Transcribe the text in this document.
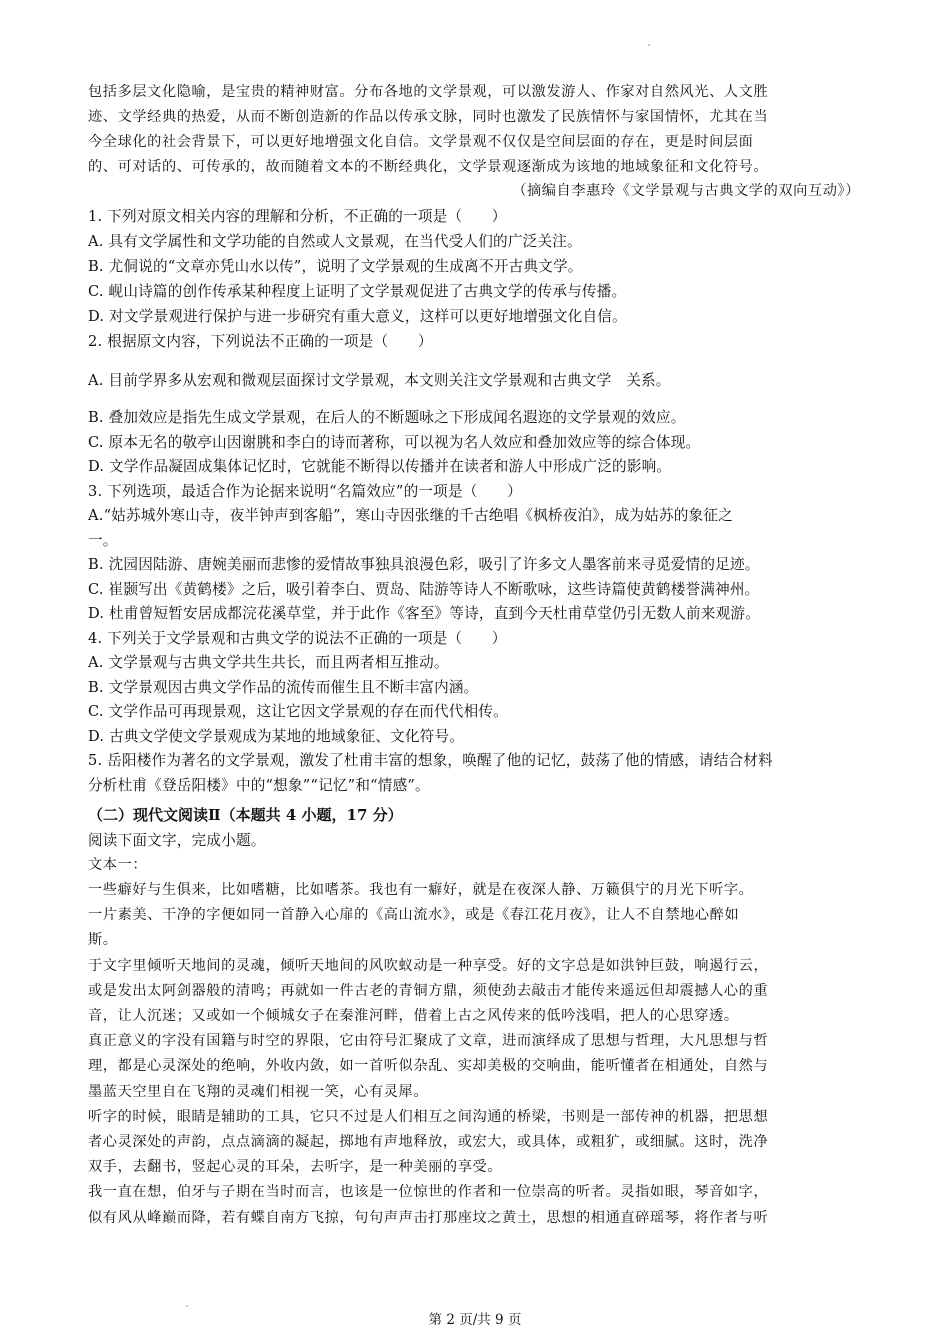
包括多层文化隐喻，是宝贵的精神财富。分布各地的文学景观，可以激发游人、作家对自然风光、人文胜
迹、文学经典的热爱，从而不断创造新的作品以传承文脉，同时也激发了民族情怀与家国情怀，尤其在当
今全球化的社会背景下，可以更好地增强文化自信。文学景观不仅仅是空间层面的存在，更是时间层面
的、可对话的、可传承的，故而随着文本的不断经典化，文学景观逐渐成为该地的地域象征和文化符号。
（摘编自李惠玲《文学景观与古典文学的双向互动》）
1. 下列对原文相关内容的理解和分析，不正确的一项是（　　）
A. 具有文学属性和文学功能的自然或人文景观，在当代受人们的广泛关注。
B. 尤侗说的“文章亦凭山水以传”，说明了文学景观的生成离不开古典文学。
C. 岘山诗篇的创作传承某种程度上证明了文学景观促进了古典文学的传承与传播。
D. 对文学景观进行保护与进一步研究有重大意义，这样可以更好地增强文化自信。
2. 根据原文内容，下列说法不正确的一项是（　　）
A. 目前学界多从宏观和微观层面探讨文学景观，本文则关注文学景观和古典文学　关系。
B. 叠加效应是指先生成文学景观，在后人的不断题咏之下形成闻名遐迩的文学景观的效应。
C. 原本无名的敬亭山因谢朓和李白的诗而著称，可以视为名人效应和叠加效应等的综合体现。
D. 文学作品凝固成集体记忆时，它就能不断得以传播并在读者和游人中形成广泛的影响。
3. 下列选项，最适合作为论据来说明“名篇效应”的一项是（　　）
A.“姑苏城外寒山寺，夜半钟声到客船”，寒山寺因张继的千古绝唱《枫桥夜泊》，成为姑苏的象征之
一。
B. 沈园因陆游、唐婉美丽而悲惨的爱情故事独具浪漫色彩，吸引了许多文人墨客前来寻觅爱情的足迹。
C. 崔颢写出《黄鹤楼》之后，吸引着李白、贾岛、陆游等诗人不断歌咏，这些诗篇使黄鹤楼誉满神州。
D. 杜甫曾短暂安居成都浣花溪草堂，并于此作《客至》等诗，直到今天杜甫草堂仍引无数人前来观游。
4. 下列关于文学景观和古典文学的说法不正确的一项是（　　）
A. 文学景观与古典文学共生共长，而且两者相互推动。
B. 文学景观因古典文学作品的流传而催生且不断丰富内涵。
C. 文学作品可再现景观，这让它因文学景观的存在而代代相传。
D. 古典文学使文学景观成为某地的地域象征、文化符号。
5. 岳阳楼作为著名的文学景观，激发了杜甫丰富的想象，唤醒了他的记忆，鼓荡了他的情感，请结合材料
分析杜甫《登岳阳楼》中的“想象”“记忆”和“情感”。
（二）现代文阅读Ⅱ（本题共 4 小题，17 分）
阅读下面文字，完成小题。
文本一：
一些癖好与生俱来，比如嗜糖，比如嗜茶。我也有一癖好，就是在夜深人静、万籁俱宁的月光下听字。
一片素美、干净的字便如同一首静入心扉的《高山流水》，或是《春江花月夜》，让人不自禁地心醉如
斯。
于文字里倾听天地间的灵魂，倾听天地间的风吹蚁动是一种享受。好的文字总是如洪钟巨鼓，响遏行云，
或是发出太阿剑器般的清鸣；再就如一件古老的青铜方鼎，须使劲去敲击才能传来遥远但却震撼人心的重
音，让人沉迷；又或如一个倾城女子在秦淮河畔，借着上古之风传来的低吟浅唱，把人的心思穿透。
真正意义的字没有国籍与时空的界限，它由符号汇聚成了文章，进而演绎成了思想与哲理，大凡思想与哲
理，都是心灵深处的绝响，外收内敛，如一首听似杂乱、实却美极的交响曲，能听懂者在相通处，自然与
墨蓝天空里自在飞翔的灵魂们相视一笑，心有灵犀。
听字的时候，眼睛是辅助的工具，它只不过是人们相互之间沟通的桥梁，书则是一部传神的机器，把思想
者心灵深处的声韵，点点滴滴的凝起，掷地有声地释放，或宏大，或具体，或粗犷，或细腻。这时，洗净
双手，去翻书，竖起心灵的耳朵，去听字，是一种美丽的享受。
我一直在想，伯牙与子期在当时而言，也该是一位惊世的作者和一位崇高的听者。灵指如眼，琴音如字，
似有风从峰巅而降，若有蝶自南方飞掠，句句声声击打那座坟之黄土，思想的相通直碎瑶琴，将作者与听
第 2 页/共 9 页
